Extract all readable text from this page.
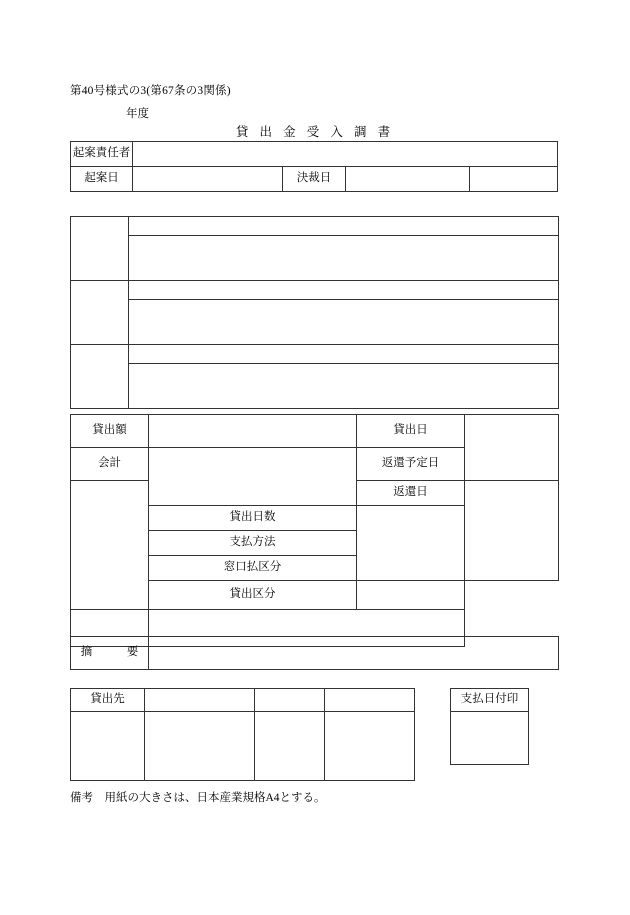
第40号様式の3(第67条の3関係)
年度
貸 出 金 受 入 調 書
起案責任者				
起案日		決裁日		

貸出額		貸出日	
会計		返還予定日	
		返還日	
	貸出日数		
	支払方法		
	窓口払区分		
	貸出区分		

摘　　　要	
貸出先			
				支払日付印

備考　用紙の大きさは、日本産業規格A4とする。
